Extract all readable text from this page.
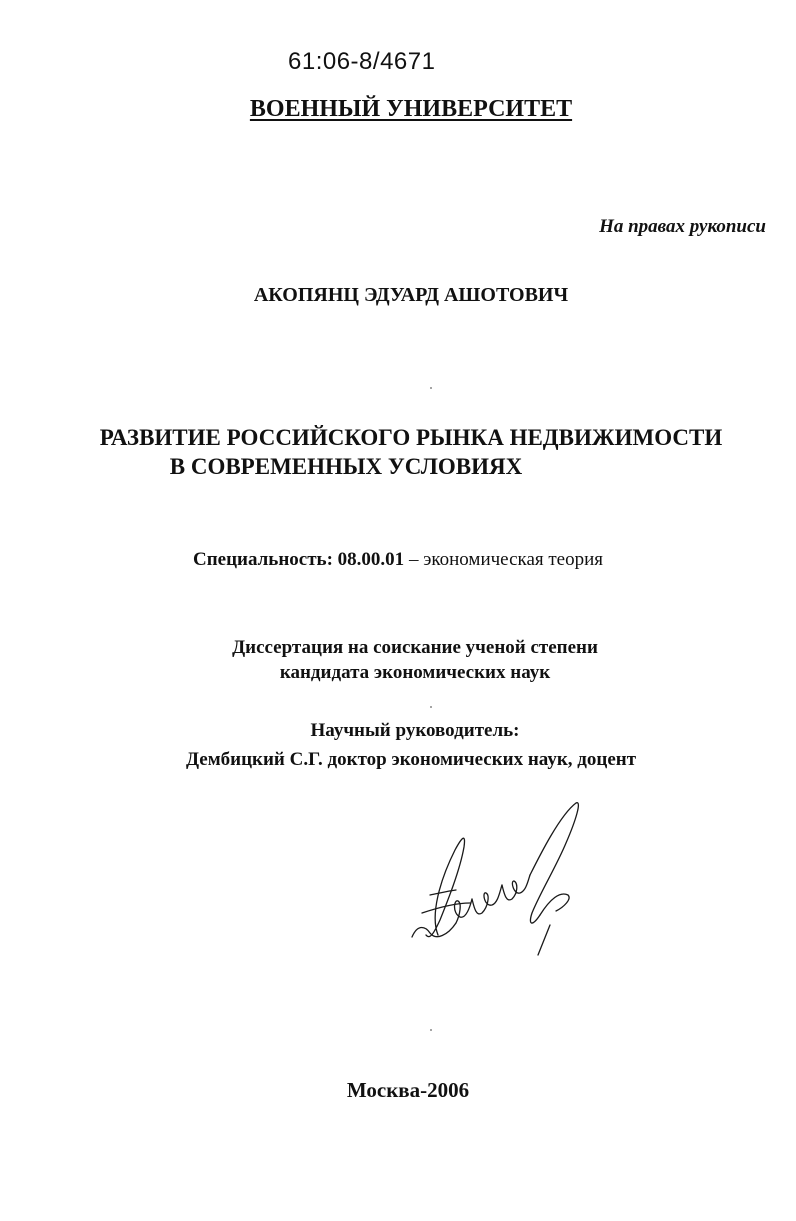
61:06-8/4671
ВОЕННЫЙ УНИВЕРСИТЕТ
На правах рукописи
АКОПЯНЦ ЭДУАРД АШОТОВИЧ
РАЗВИТИЕ РОССИЙСКОГО РЫНКА НЕДВИЖИМОСТИ
В СОВРЕМЕННЫХ УСЛОВИЯХ
Специальность: 08.00.01 – экономическая теория
Диссертация на соискание ученой степени
кандидата экономических наук
Научный руководитель:
Дембицкий С.Г. доктор экономических наук, доцент
Москва-2006
